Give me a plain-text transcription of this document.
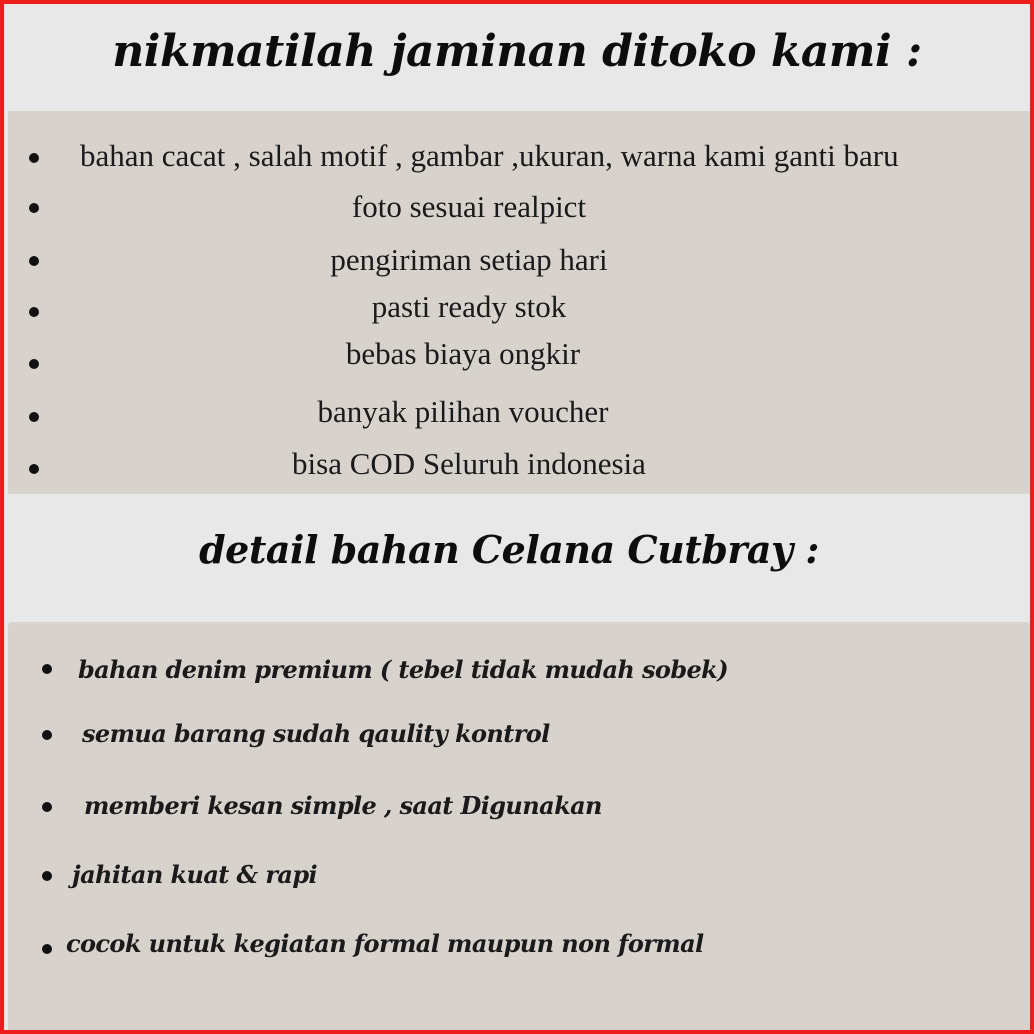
nikmatilah jaminan ditoko kami :
bahan cacat , salah motif , gambar ,ukuran, warna kami ganti baru
foto sesuai realpict
pengiriman setiap hari
pasti ready stok
bebas biaya ongkir
banyak pilihan voucher
bisa COD Seluruh indonesia
detail bahan Celana Cutbray :
bahan denim premium ( tebel tidak mudah sobek)
semua barang sudah qaulity kontrol
memberi kesan simple , saat Digunakan
jahitan kuat & rapi
cocok untuk kegiatan formal maupun non formal
